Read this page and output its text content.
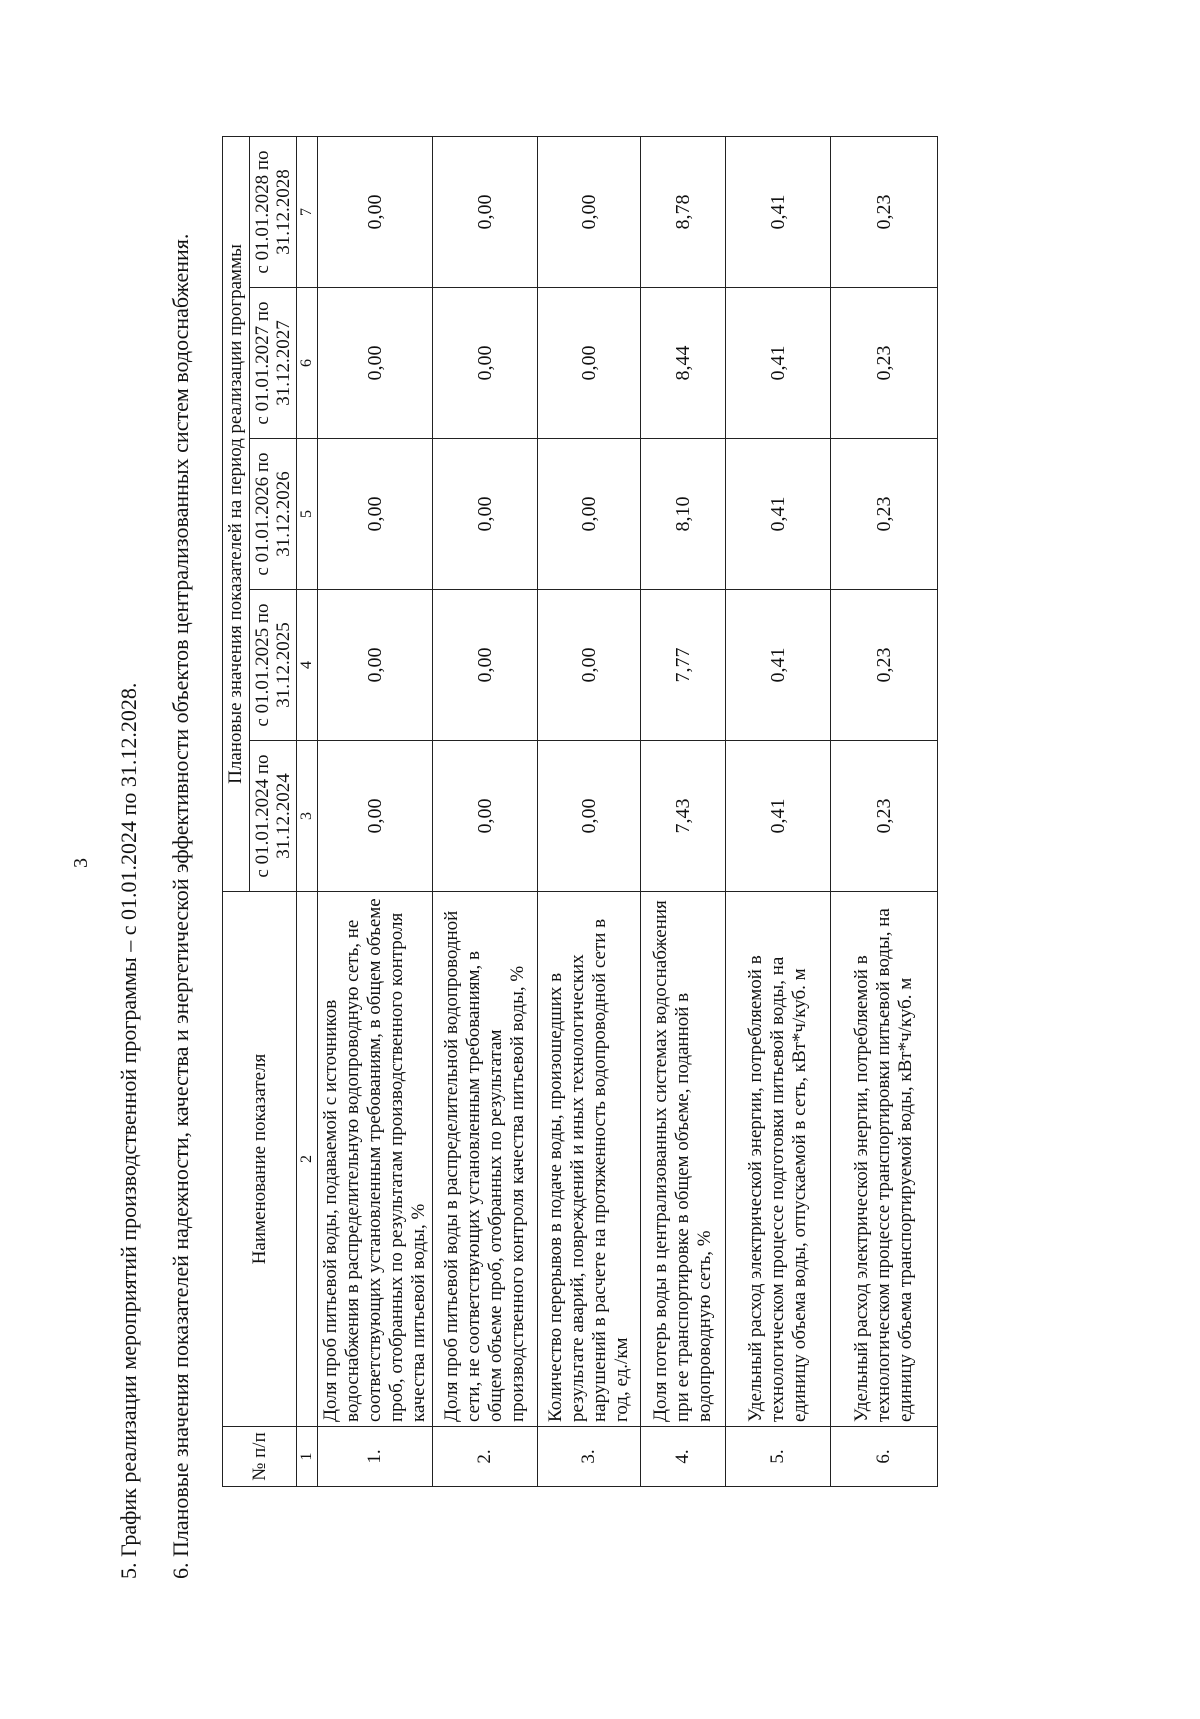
3 5. График реализации мероприятий производственной программы – с 01.01.2024 по 31.12.2028. 6. Плановые значения показателей надежности, качества и энергетической эффективности объектов централизованных систем водоснабжения.	№ п/п	Наименование показателя	Плановые значения показателей на период реализации программы				
		с 01.01.2024 по 31.12.2024	с 01.01.2025 по 31.12.2025	с 01.01.2026 по 31.12.2026	с 01.01.2027 по 31.12.2027	с 01.01.2028 по 31.12.2028
1	2	3	4	5	6	7
1.	Доля проб питьевой воды, подаваемой с источников водоснабжения в распределительную водопроводную сеть, не соответствующих установленным требованиям, в общем объеме проб, отобранных по результатам производственного контроля качества питьевой воды, %	0,00	0,00	0,00	0,00	0,00
2.	Доля проб питьевой воды в распределительной водопроводной сети, не соответствующих установленным требованиям, в общем объеме проб, отобранных по результатам производственного контроля качества питьевой воды, %	0,00	0,00	0,00	0,00	0,00
3.	Количество перерывов в подаче воды, произошедших в результате аварий, повреждений и иных технологических нарушений в расчете на протяженность водопроводной сети в год, ед./км	0,00	0,00	0,00	0,00	0,00
4.	Доля потерь воды в централизованных системах водоснабжения при ее транспортировке в общем объеме, поданной в водопроводную сеть, %	7,43	7,77	8,10	8,44	8,78
5.	Удельный расход электрической энергии, потребляемой в технологическом процессе подготовки питьевой воды, на единицу объема воды, отпускаемой в сеть, кВт*ч/куб. м	0,41	0,41	0,41	0,41	0,41
6.	Удельный расход электрической энергии, потребляемой в технологическом процессе транспортировки питьевой воды, на единицу объема транспортируемой воды, кВт*ч/куб. м	0,23	0,23	0,23	0,23	0,23
